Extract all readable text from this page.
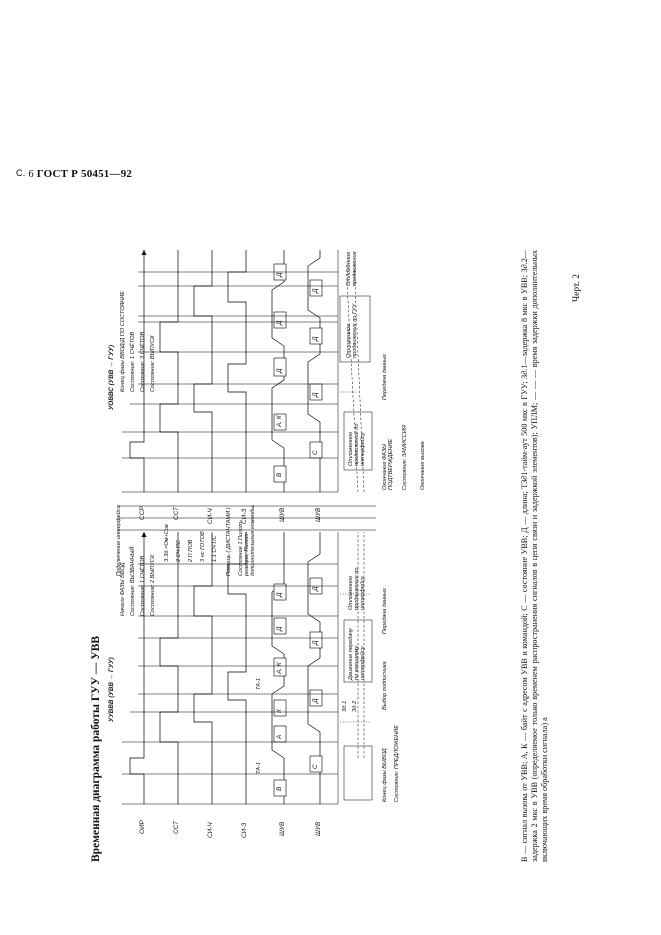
С. 6 ГОСТ Р 50451—92
Временная диаграмма работы ГУУ — УВВ	ОИР	ССТ	СИ-Ч	СИ-З	ШУВ	ШУВ
ССР	ССТ	СИ-Ч	СИ-З	ШУВ	ШУВ
УУВВВ (УВВ → ГУУ)
УОВВС (УВВ → ГУУ)
В
А
К
А, К
Д
Д
С
Д
Д
Д
В
А, К
Д
Д
Д
С
Д
Д
Д
ТА-1
ТА-1
Зд.1 Зд.2
Конец фазы ВЫВОД Состояние: ПРЕДЛОЖЕНИЕ
Выбор подписчика
Передача данных
Движение передачу по внешнему интерфейсу
Отложенное продвижение по интерфейсу
Окончание ФАЗЫ ПОДТВЕРЖДЕНИЕ Состояние: ЗАМИССИЯ Окончание вызова
Передача данных
Отложенное продвижение по интерфейсу
Отложенное продвижение по ГУУ
Отложенное продвижение
Начало ФАЗЫ ВВОД Состояние: ВЫЗВАННЫЙ Состояние: 1 СЧЁТОВ Состояние: 2 ВЫПУСК
Конец фазы ВВОД/Д ПО СОСТОЯНИЕ Состояние: 1 СЧЁТОВ Состояние: 3 СЧЁТОВ Состояние: ВЫПУСК
Подключение интерфейса	З.Зд.=Ом+Сов 2 СЧ ПС 2 П ПОВ 3 нс ГОТОВ 1.1 СЧ ПС Помощь ( ДИСТАНТАМИ ) Состояние 1 Пилот-реакции, Пилот-дополнительные команды.	В — сигнал вызова от УВВ; А, К — байт с адресом УВВ и командой; С — состояние УВВ; Д — длина; ТЗ∂1-тайм-аут 500 мкс в ГУУ; З∂.1—задержка 8 мкс в УВВ; З∂.2—задержка 2 мкс в УВВ (определяемое только временем распространения сигналов в цепи связи и задержкой элементов); УПЛМ; — — — время задержки дополнительных включающих время обработки сигнала) а
Черт. 2
